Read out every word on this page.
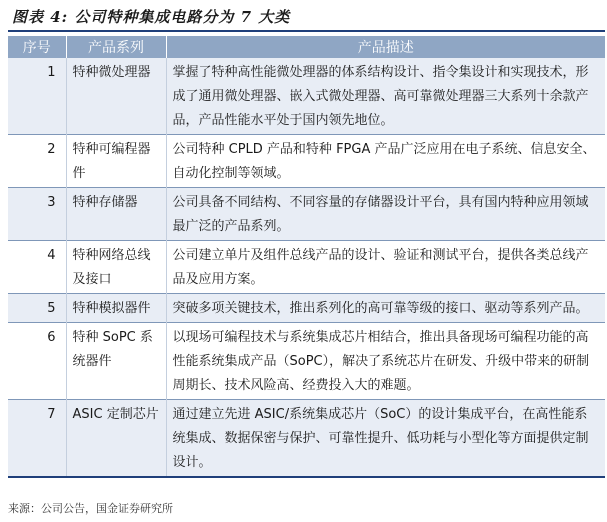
图表 4: 公司特种集成电路分为 7 大类
序号	产品系列	产品描述
1	特种微处理器	掌握了特种高性能微处理器的体系结构设计、指令集设计和实现技术，形成了通用微处理器、嵌入式微处理器、高可靠微处理器三大系列十余款产品，产品性能水平处于国内领先地位。
2	特种可编程器件	公司特种 CPLD 产品和特种 FPGA 产品广泛应用在电子系统、信息安全、自动化控制等领域。
3	特种存储器	公司具备不同结构、不同容量的存储器设计平台，具有国内特种应用领域最广泛的产品系列。
4	特种网络总线及接口	公司建立单片及组件总线产品的设计、验证和测试平台，提供各类总线产品及应用方案。
5	特种模拟器件	突破多项关键技术，推出系列化的高可靠等级的接口、驱动等系列产品。
6	特种 SoPC 系统器件	以现场可编程技术与系统集成芯片相结合，推出具备现场可编程功能的高性能系统集成产品（SoPC），解决了系统芯片在研发、升级中带来的研制周期长、技术风险高、经费投入大的难题。
7	ASIC 定制芯片	通过建立先进 ASIC/系统集成芯片（SoC）的设计集成平台，在高性能系统集成、数据保密与保护、可靠性提升、低功耗与小型化等方面提供定制设计。
来源：公司公告，国金证券研究所
